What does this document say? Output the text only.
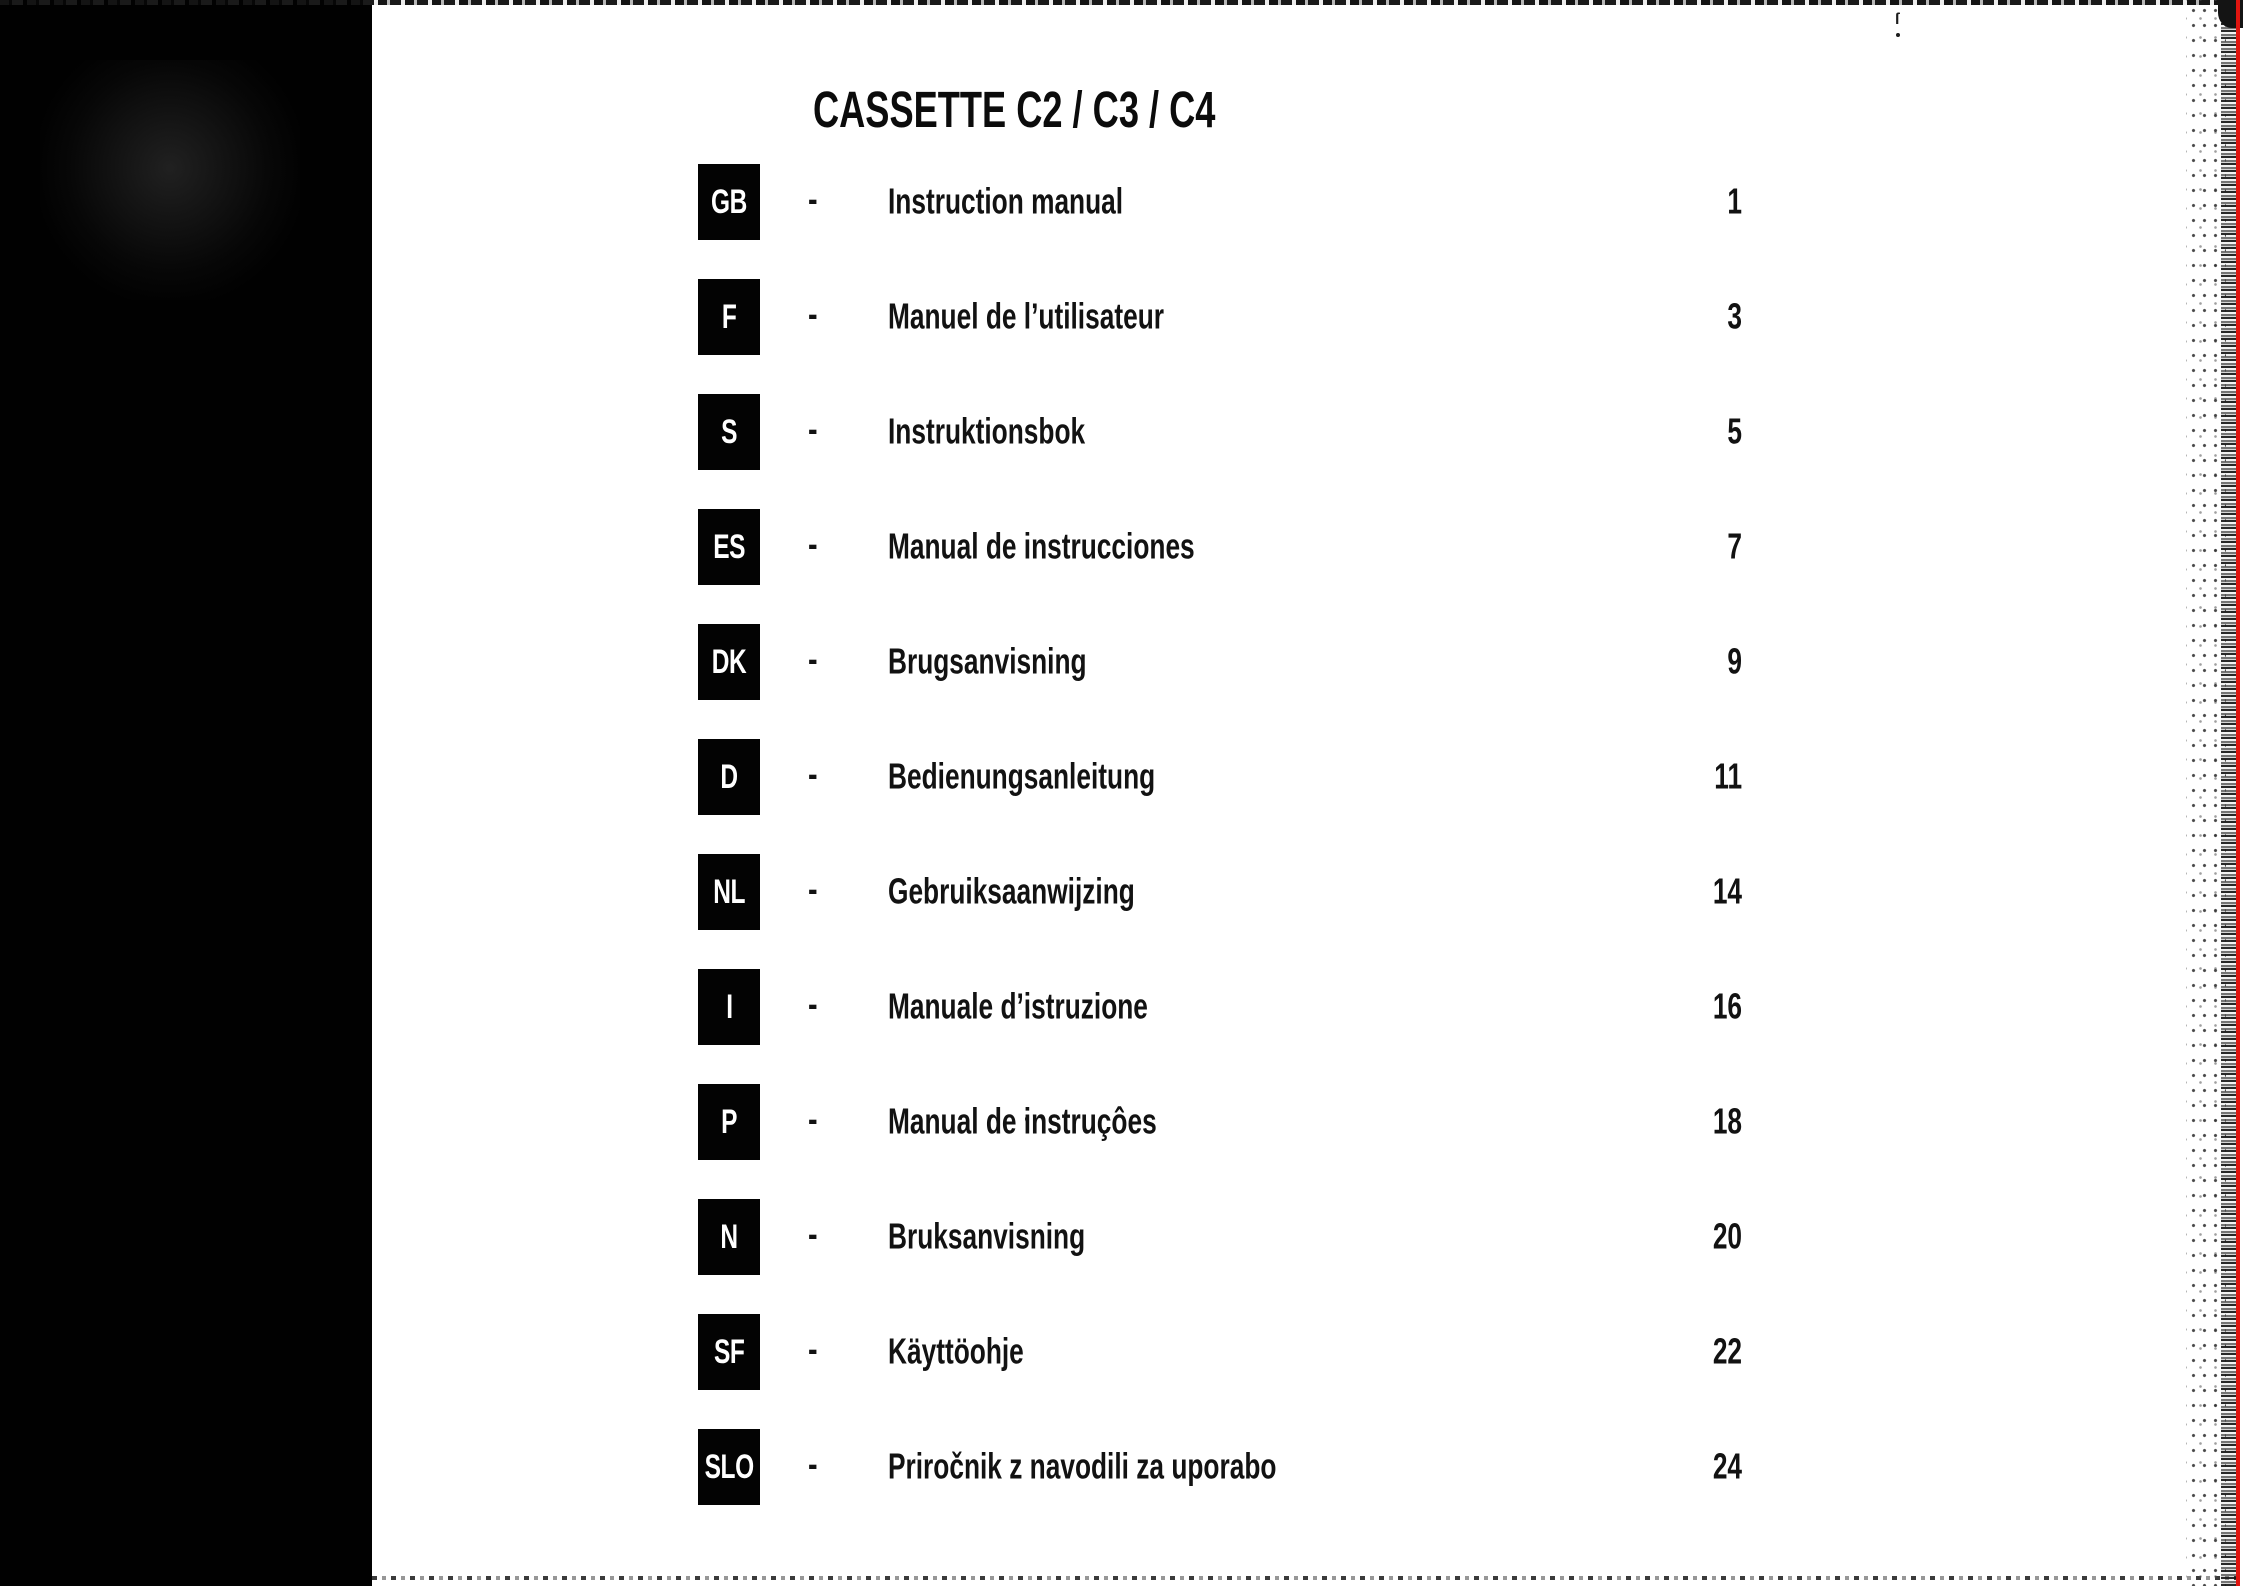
ſ
CASSETTE C2 / C3 / C4
GB - Instruction manual	1
F - Manuel de l’utilisateur	3
S - Instruktionsbok	5
ES - Manual de instrucciones	7
DK - Brugsanvisning	9
D - Bedienungsanleitung	11
NL - Gebruiksaanwijzing	14
I - Manuale d’istruzione	16
P - Manual de instruçôes	18
N - Bruksanvisning	20
SF - Käyttöohje	22
SLO - Priročnik z navodili za uporabo	24
